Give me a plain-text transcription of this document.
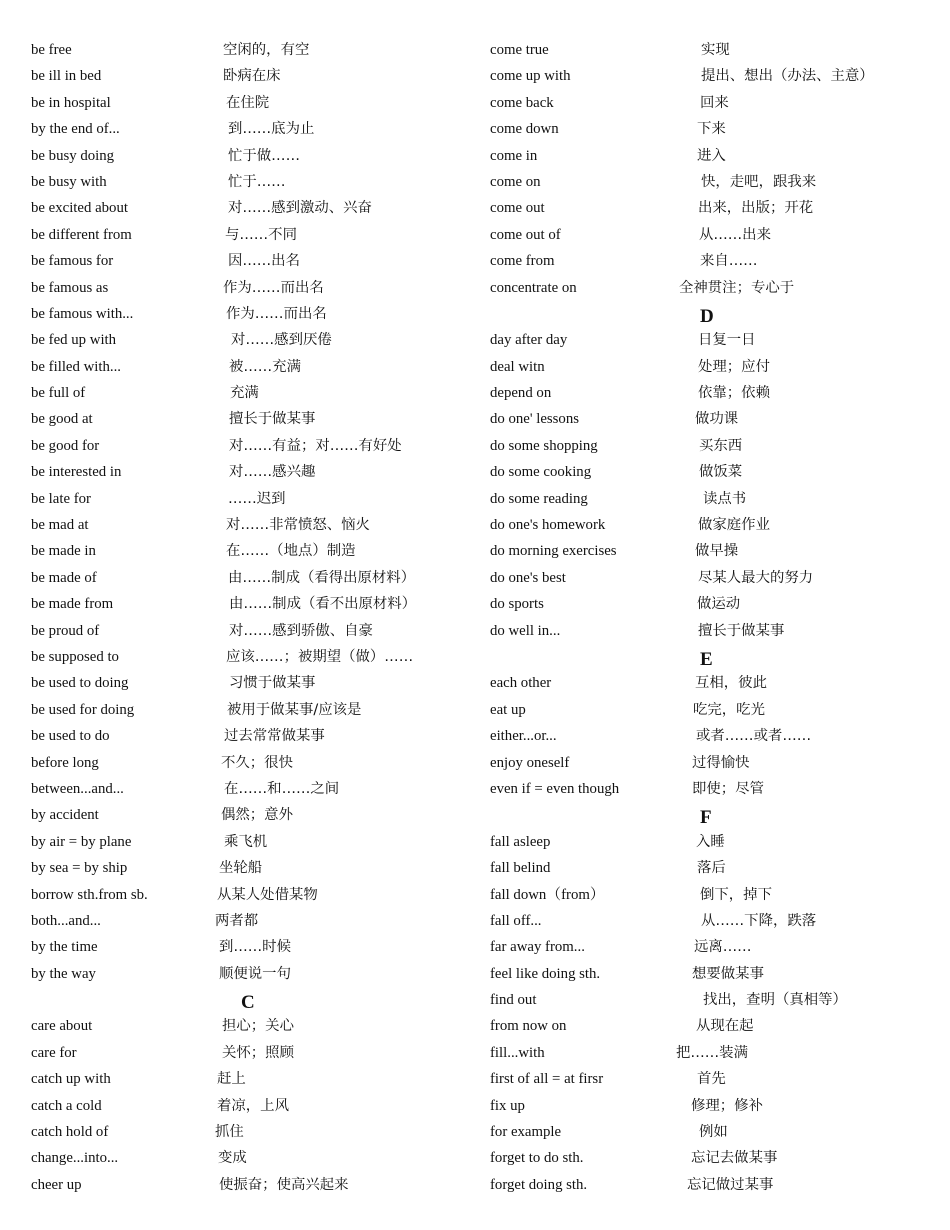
be free	空闲的，有空
be ill in bed	卧病在床
be in hospital	在住院
by the end of...	到……底为止
be busy doing	忙于做……
be busy with	忙于……
be excited about	对……感到激动、兴奋
be different from	与……不同
be famous for	因……出名
be famous as	作为……而出名
be famous with...	作为……而出名
be fed up with	对……感到厌倦
be filled with...	被……充满
be full of	充满
be good at	擅长于做某事
be good for	对……有益；对……有好处
be interested in	对……感兴趣
be late for	……迟到
be mad at	对……非常愤怒、恼火
be made in	在……（地点）制造
be made of	由……制成（看得出原材料）
be made from	由……制成（看不出原材料）
be proud of	对……感到骄傲、自豪
be supposed to	应该……；被期望（做）……
be used to doing	习惯于做某事
be used for doing	被用于做某事/应该是
be used to do	过去常常做某事
before long	不久；很快
between...and...	在……和……之间
by accident	偶然；意外
by air = by plane	乘飞机
by sea = by ship	坐轮船
borrow sth.from sb.	从某人处借某物
both...and...	两者都
by the time	到……时候
by the way	顺便说一句
C
care about	担心；关心
care for	关怀；照顾
catch up with	赶上
catch a cold	着凉，上风
catch hold of	抓住
change...into...	变成
cheer up	使振奋；使高兴起来
come true	实现
come up with	提出、想出（办法、主意）
come back	回来
come down	下来
come in	进入
come on	快，走吧，跟我来
come out	出来，出版；开花
come out of	从……出来
come from	来自……
concentrate on	全神贯注；专心于
D
day after day	日复一日
deal witn	处理；应付
depend on	依靠；依赖
do one' lessons	做功课
do some shopping	买东西
do some cooking	做饭菜
do some reading	读点书
do one's homework	做家庭作业
do morning exercises	做早操
do one's best	尽某人最大的努力
do sports	做运动
do well in...	擅长于做某事
E
each other	互相，彼此
eat up	吃完，吃光
either...or...	或者……或者……
enjoy oneself	过得愉快
even if = even though	即使；尽管
F
fall asleep	入睡
fall belind	落后
fall down（from）	倒下，掉下
fall off...	从……下降，跌落
far away from...	远离……
feel like doing sth.	想要做某事
find out	找出，查明（真相等）
from now on	从现在起
fill...with	把……装满
first of all = at firsr	首先
fix up	修理；修补
for example	例如
forget to do sth.	忘记去做某事
forget doing sth.	忘记做过某事
